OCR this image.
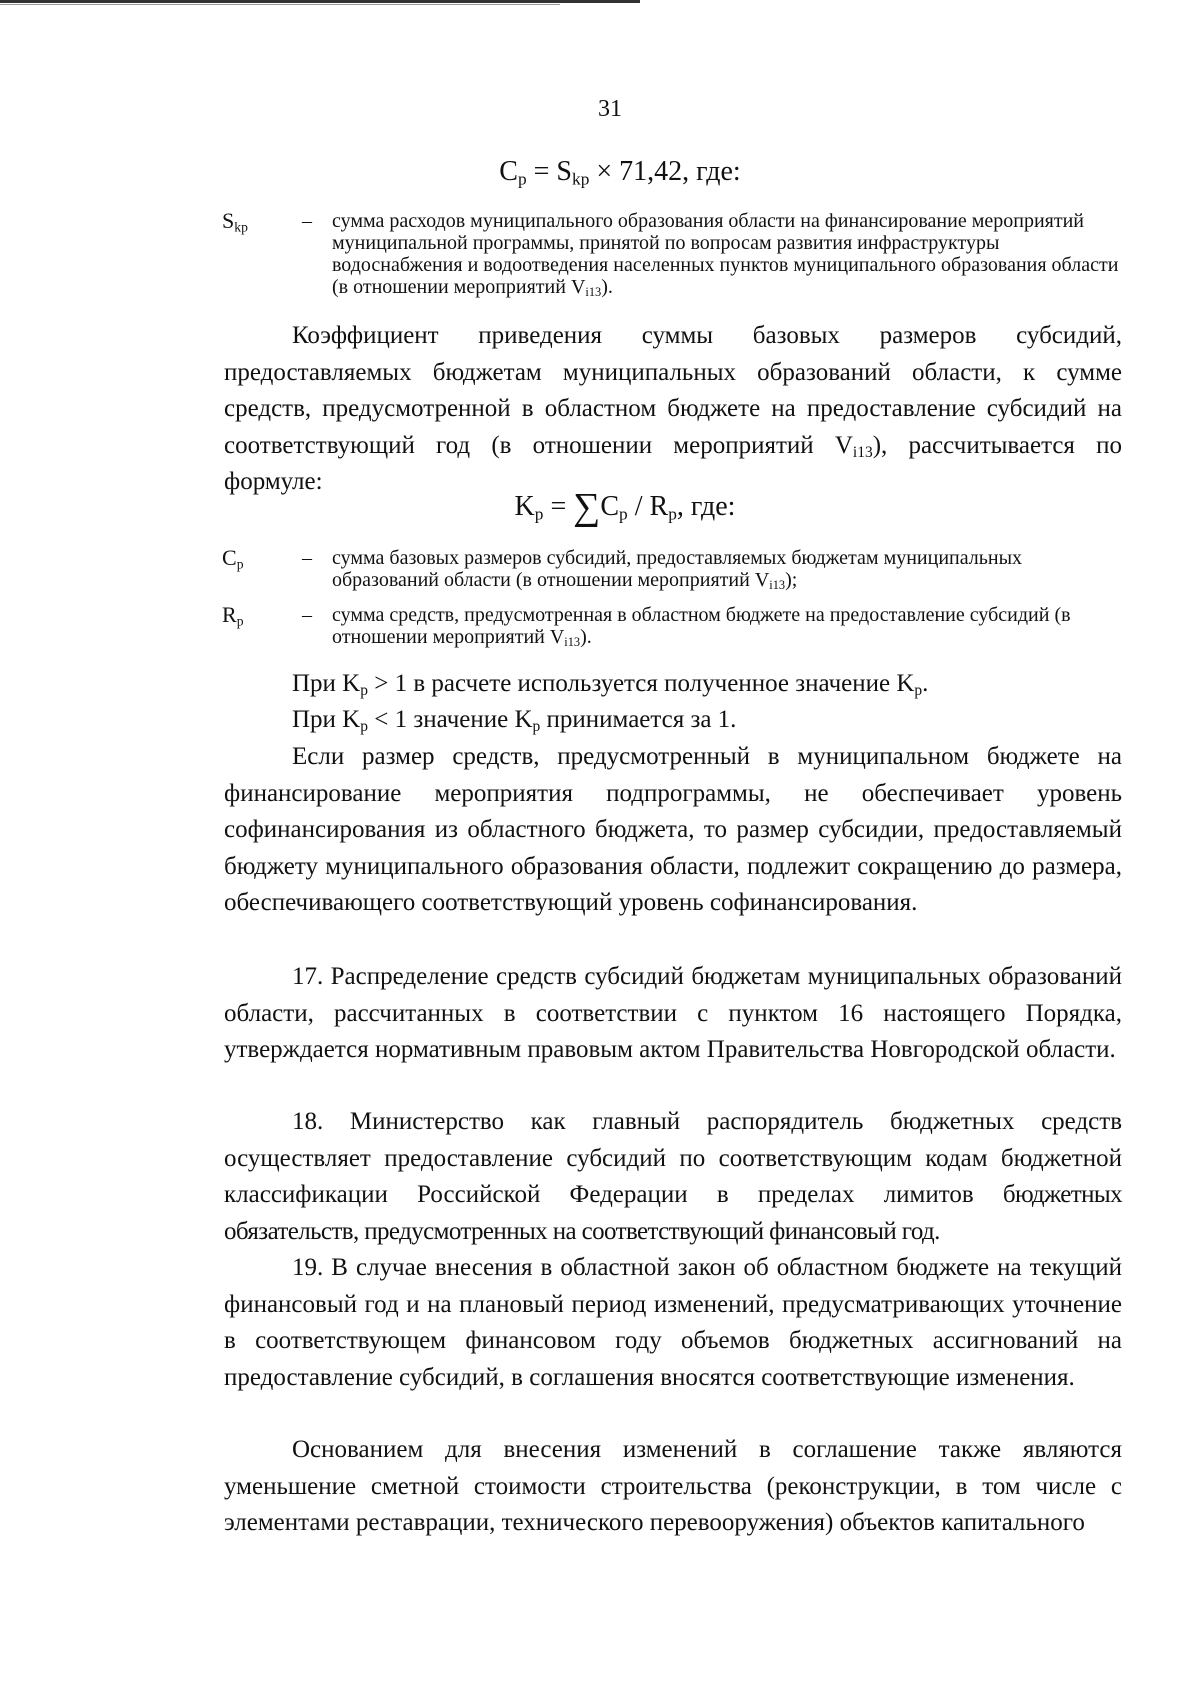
31
$C_p = S_{kp} \times 71,42$, где:
$S_{kp}$	– сумма расходов муниципального образования области на финансирование мероприятий муниципальной программы, принятой по вопросам развития инфраструктуры водоснабжения и водоотведения населенных пунктов муниципального образования области (в отношении мероприятий $V_{i13}$).

Коэффициент приведения суммы базовых размеров субсидий, предоставляемых бюджетам муниципальных образований области, к сумме средств, предусмотренной в областном бюджете на предоставление субсидий на соответствующий год (в отношении мероприятий $V_{i13}$), рассчитывается по формуле:

$K_p = \sum C_p / R_p$, где:
$C_p$	– сумма базовых размеров субсидий, предоставляемых бюджетам муниципальных образований области (в отношении мероприятий $V_{i13}$);
$R_p$	– сумма средств, предусмотренная в областном бюджете на предоставление субсидий (в отношении мероприятий $V_{i13}$).

При $K_p > 1$ в расчете используется полученное значение $K_p$.

При $K_p < 1$ значение $K_p$ принимается за 1.

Если размер средств, предусмотренный в муниципальном бюджете на финансирование мероприятия подпрограммы, не обеспечивает уровень софинансирования из областного бюджета, то размер субсидии, предоставляемый бюджету муниципального образования области, подлежит сокращению до размера, обеспечивающего соответствующий уровень софинансирования.

17. Распределение средств субсидий бюджетам муниципальных образований области, рассчитанных в соответствии с пунктом 16 настоящего Порядка, утверждается нормативным правовым актом Правительства Новгородской области.

18. Министерство как главный распорядитель бюджетных средств осуществляет предоставление субсидий по соответствующим кодам бюджетной классификации Российской Федерации в пределах лимитов бюджетных обязательств, предусмотренных на соответствующий финансовый год.

19. В случае внесения в областной закон об областном бюджете на текущий финансовый год и на плановый период изменений, предусматривающих уточнение в соответствующем финансовом году объемов бюджетных ассигнований на предоставление субсидий, в соглашения вносятся соответствующие изменения.

Основанием для внесения изменений в соглашение также являются уменьшение сметной стоимости строительства (реконструкции, в том числе с элементами реставрации, технического перевооружения) объектов капитального
